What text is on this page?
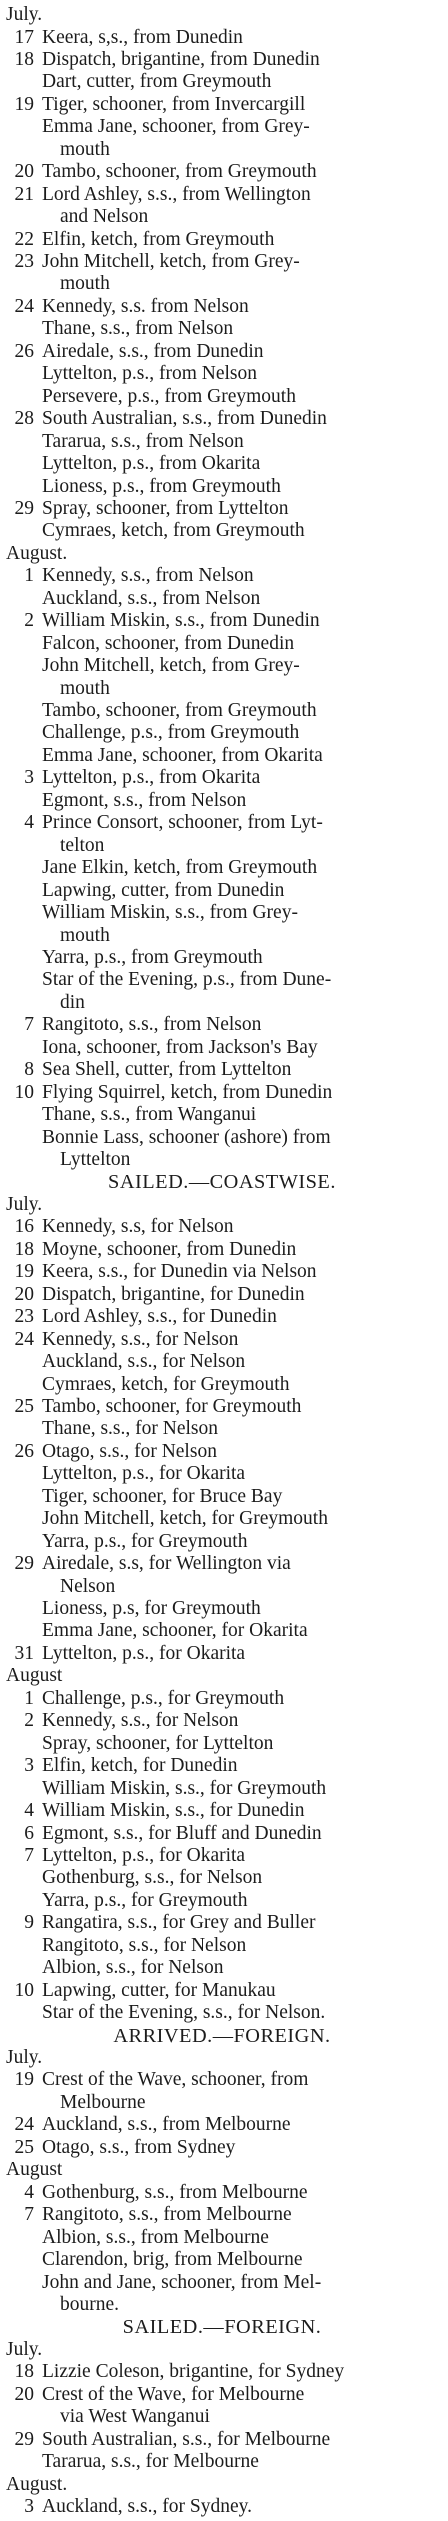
July.
17 Keera, s,s., from Dunedin
18 Dispatch, brigantine, from Dunedin
Dart, cutter, from Greymouth
19 Tiger, schooner, from Invercargill
Emma Jane, schooner, from Grey-
mouth
20 Tambo, schooner, from Greymouth
21 Lord Ashley, s.s., from Wellington
and Nelson
22 Elfin, ketch, from Greymouth
23 John Mitchell, ketch, from Grey-
mouth
24 Kennedy, s.s. from Nelson
Thane, s.s., from Nelson
26 Airedale, s.s., from Dunedin
Lyttelton, p.s., from Nelson
Persevere, p.s., from Greymouth
28 South Australian, s.s., from Dunedin
Tararua, s.s., from Nelson
Lyttelton, p.s., from Okarita
Lioness, p.s., from Greymouth
29 Spray, schooner, from Lyttelton
Cymraes, ketch, from Greymouth
August.
1 Kennedy, s.s., from Nelson
Auckland, s.s., from Nelson
2 William Miskin, s.s., from Dunedin
Falcon, schooner, from Dunedin
John Mitchell, ketch, from Grey-
mouth
Tambo, schooner, from Greymouth
Challenge, p.s., from Greymouth
Emma Jane, schooner, from Okarita
3 Lyttelton, p.s., from Okarita
Egmont, s.s., from Nelson
4 Prince Consort, schooner, from Lyt-
telton
Jane Elkin, ketch, from Greymouth
Lapwing, cutter, from Dunedin
William Miskin, s.s., from Grey-
mouth
Yarra, p.s., from Greymouth
Star of the Evening, p.s., from Dune-
din
7 Rangitoto, s.s., from Nelson
Iona, schooner, from Jackson's Bay
8 Sea Shell, cutter, from Lyttelton
10 Flying Squirrel, ketch, from Dunedin
Thane, s.s., from Wanganui
Bonnie Lass, schooner (ashore) from
Lyttelton
SAILED.—COASTWISE.
July.
16 Kennedy, s.s, for Nelson
18 Moyne, schooner, from Dunedin
19 Keera, s.s., for Dunedin via Nelson
20 Dispatch, brigantine, for Dunedin
23 Lord Ashley, s.s., for Dunedin
24 Kennedy, s.s., for Nelson
Auckland, s.s., for Nelson
Cymraes, ketch, for Greymouth
25 Tambo, schooner, for Greymouth
Thane, s.s., for Nelson
26 Otago, s.s., for Nelson
Lyttelton, p.s., for Okarita
Tiger, schooner, for Bruce Bay
John Mitchell, ketch, for Greymouth
Yarra, p.s., for Greymouth
29 Airedale, s.s, for Wellington via
Nelson
Lioness, p.s, for Greymouth
Emma Jane, schooner, for Okarita
31 Lyttelton, p.s., for Okarita
August
1 Challenge, p.s., for Greymouth
2 Kennedy, s.s., for Nelson
Spray, schooner, for Lyttelton
3 Elfin, ketch, for Dunedin
William Miskin, s.s., for Greymouth
4 William Miskin, s.s., for Dunedin
6 Egmont, s.s., for Bluff and Dunedin
7 Lyttelton, p.s., for Okarita
Gothenburg, s.s., for Nelson
Yarra, p.s., for Greymouth
9 Rangatira, s.s., for Grey and Buller
Rangitoto, s.s., for Nelson
Albion, s.s., for Nelson
10 Lapwing, cutter, for Manukau
Star of the Evening, s.s., for Nelson.
ARRIVED.—FOREIGN.
July.
19 Crest of the Wave, schooner, from
Melbourne
24 Auckland, s.s., from Melbourne
25 Otago, s.s., from Sydney
August
4 Gothenburg, s.s., from Melbourne
7 Rangitoto, s.s., from Melbourne
Albion, s.s., from Melbourne
Clarendon, brig, from Melbourne
John and Jane, schooner, from Mel-
bourne.
SAILED.—FOREIGN.
July.
18 Lizzie Coleson, brigantine, for Sydney
20 Crest of the Wave, for Melbourne
via West Wanganui
29 South Australian, s.s., for Melbourne
Tararua, s.s., for Melbourne
August.
3 Auckland, s.s., for Sydney.
